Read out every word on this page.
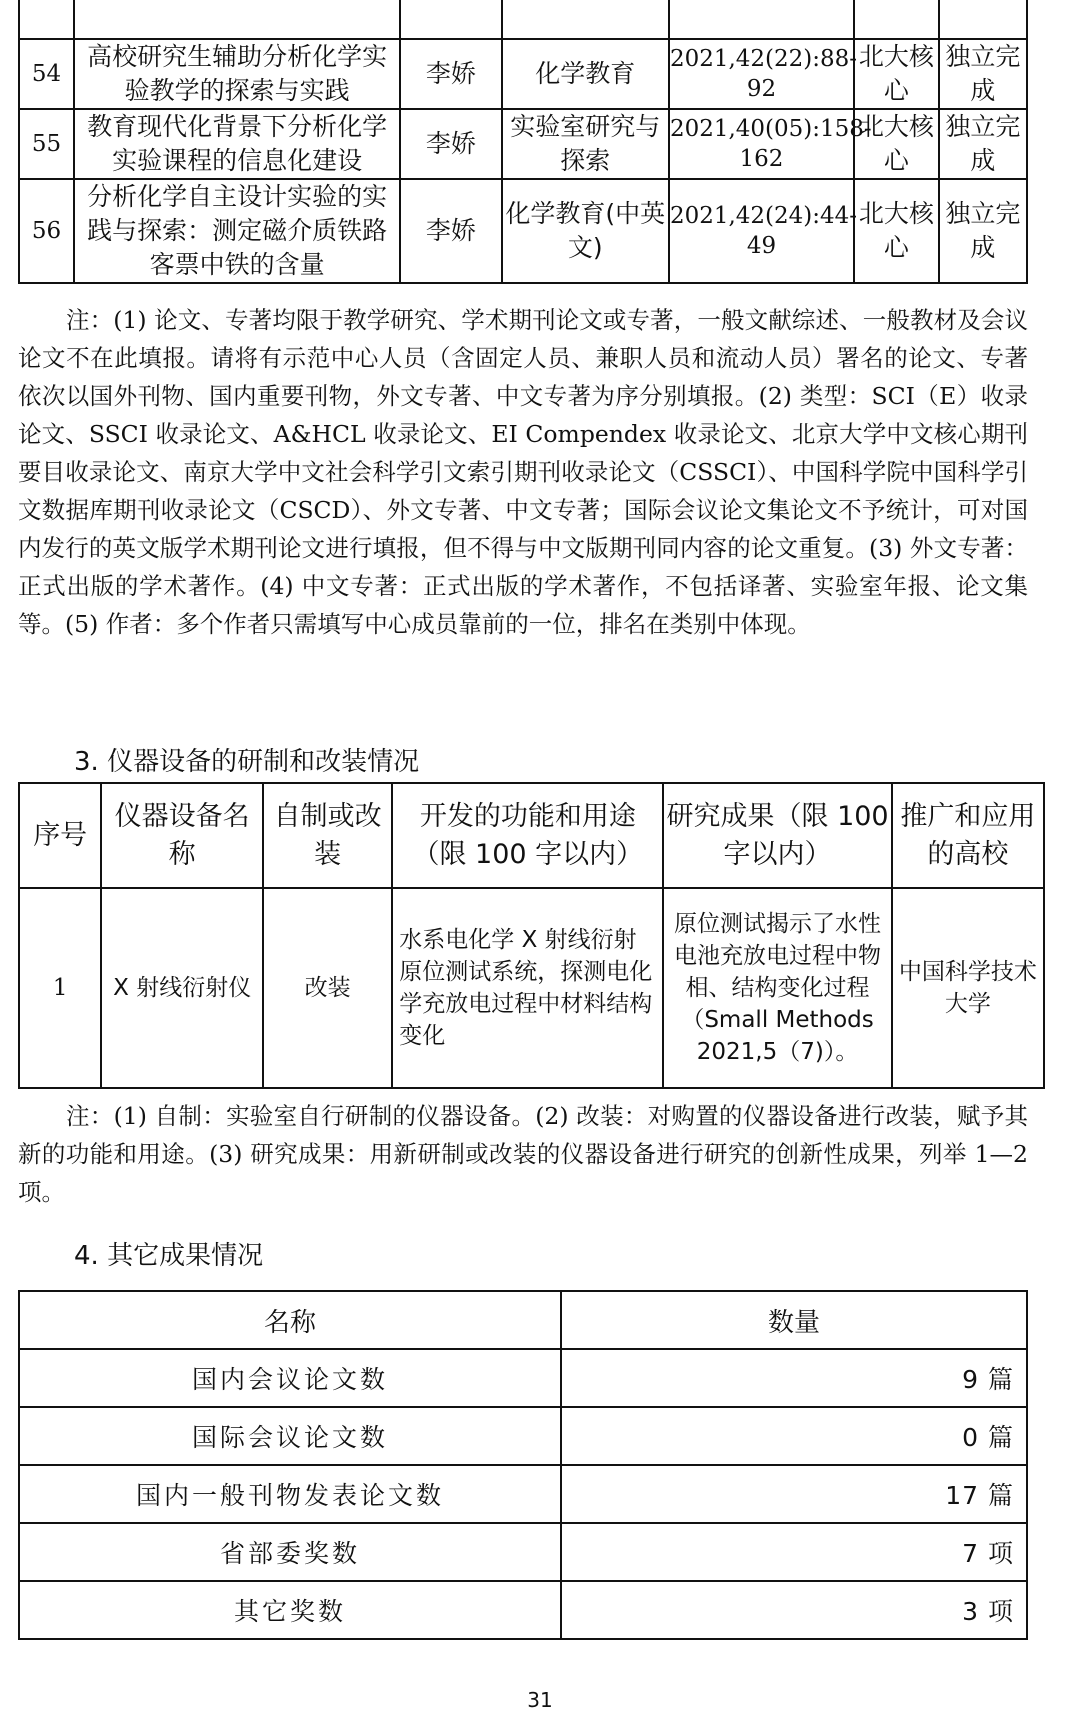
54	高校研究生辅助分析化学实验教学的探索与实践	李娇	化学教育	2021,42(22):88-92	北大核心	独立完成
55	教育现代化背景下分析化学实验课程的信息化建设	李娇	实验室研究与探索	2021,40(05):158-162	北大核心	独立完成
56	分析化学自主设计实验的实践与探索：测定磁介质铁路客票中铁的含量	李娇	化学教育(中英文)	2021,42(24):44-49	北大核心	独立完成

注：(1) 论文、专著均限于教学研究、学术期刊论文或专著，一般文献综述、一般教材及会议论文不在此填报。请将有示范中心人员（含固定人员、兼职人员和流动人员）署名的论文、专著依次以国外刊物、国内重要刊物，外文专著、中文专著为序分别填报。(2) 类型：SCI（E）收录论文、SSCI 收录论文、A&HCL 收录论文、EI Compendex 收录论文、北京大学中文核心期刊要目收录论文、南京大学中文社会科学引文索引期刊收录论文（CSSCI）、中国科学院中国科学引文数据库期刊收录论文（CSCD）、外文专著、中文专著；国际会议论文集论文不予统计，可对国内发行的英文版学术期刊论文进行填报，但不得与中文版期刊同内容的论文重复。(3) 外文专著：正式出版的学术著作。(4) 中文专著：正式出版的学术著作，不包括译著、实验室年报、论文集等。(5) 作者：多个作者只需填写中心成员靠前的一位，排名在类别中体现。

3. 仪器设备的研制和改装情况

序号	仪器设备名称	自制或改装	开发的功能和用途（限 100 字以内）	研究成果（限 100 字以内）	推广和应用的高校
1	X 射线衍射仪	改装	水系电化学 X 射线衍射原位测试系统，探测电化学充放电过程中材料结构变化	原位测试揭示了水性电池充放电过程中物相、结构变化过程（Small Methods 2021,5（7)）。	中国科学技术大学

注：(1) 自制：实验室自行研制的仪器设备。(2) 改装：对购置的仪器设备进行改装，赋予其新的功能和用途。(3) 研究成果：用新研制或改装的仪器设备进行研究的创新性成果，列举 1—2 项。

4. 其它成果情况

名称	数量
国内会议论文数	9 篇
国际会议论文数	0 篇
国内一般刊物发表论文数	17 篇
省部委奖数	7 项
其它奖数	3 项
31
